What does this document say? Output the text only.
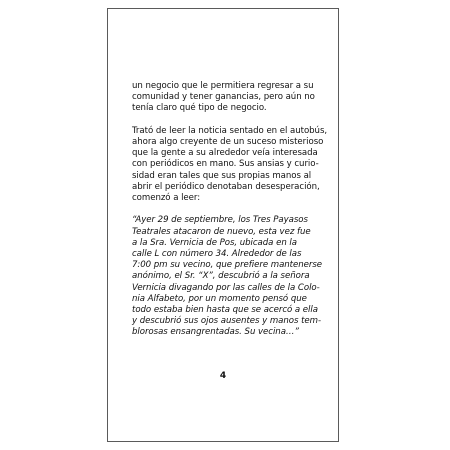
un negocio que le permitiera regresar a su
comunidad y tener ganancias, pero aún no
tenía claro qué tipo de negocio.

Trató de leer la noticia sentado en el autobús,
ahora algo creyente de un suceso misterioso
que la gente a su alrededor veía interesada
con periódicos en mano. Sus ansias y curio-
sidad eran tales que sus propias manos al
abrir el periódico denotaban desesperación,
comenzó a leer:

“Ayer 29 de septiembre, los Tres Payasos
Teatrales atacaron de nuevo, esta vez fue
a la Sra. Vernicia de Pos, ubicada en la
calle L con número 34. Alrededor de las
7:00 pm su vecino, que prefiere mantenerse
anónimo, el Sr. “X”, descubrió a la señora
Vernicia divagando por las calles de la Colo-
nia Alfabeto, por un momento pensó que
todo estaba bien hasta que se acercó a ella
y descubrió sus ojos ausentes y manos tem-
blorosas ensangrentadas. Su vecina…”

4
